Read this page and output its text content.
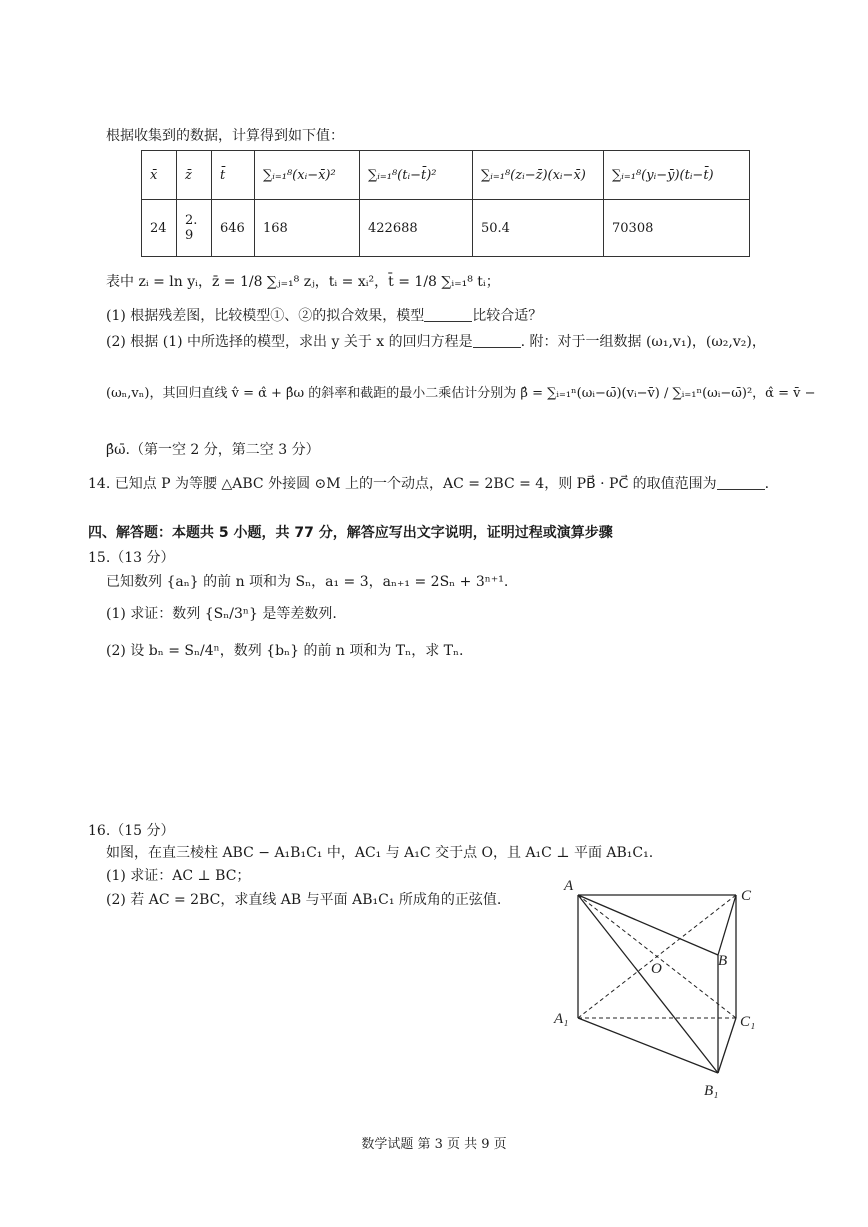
根据收集到的数据，计算得到如下值：
x̄	z̄	t̄	∑ᵢ₌₁⁸(xᵢ−x̄)²	∑ᵢ₌₁⁸(tᵢ−t̄)²	∑ᵢ₌₁⁸(zᵢ−z̄)(xᵢ−x̄)	∑ᵢ₌₁⁸(yᵢ−ȳ)(tᵢ−t̄)
24	2.9	646	168	422688	50.4	70308
表中 zᵢ = ln yᵢ，z̄ = 1/8 ∑ⱼ₌₁⁸ zⱼ，tᵢ = xᵢ²，t̄ = 1/8 ∑ᵢ₌₁⁸ tᵢ；
(1) 根据残差图，比较模型①、②的拟合效果，模型	比较合适？
(2) 根据 (1) 中所选择的模型，求出 y 关于 x 的回归方程是	. 附：对于一组数据 (ω₁,v₁)，(ω₂,v₂)，
(ωₙ,vₙ)，其回归直线 v̂ = α̂ + β̂ω 的斜率和截距的最小二乘估计分别为 β̂ = ∑ᵢ₌₁ⁿ(ωᵢ−ω̄)(vᵢ−v̄) / ∑ᵢ₌₁ⁿ(ωᵢ−ω̄)²，α̂ = v̄ −
β̂ω̄.（第一空 2 分，第二空 3 分）
14. 已知点 P 为等腰 △ABC 外接圆 ⊙M 上的一个动点，AC = 2BC = 4，则 PB⃗ · PC⃗ 的取值范围为	.
四、解答题：本题共 5 小题，共 77 分，解答应写出文字说明，证明过程或演算步骤
15.（13 分）
已知数列 {aₙ} 的前 n 项和为 Sₙ，a₁ = 3，aₙ₊₁ = 2Sₙ + 3ⁿ⁺¹.
(1) 求证：数列 {Sₙ/3ⁿ} 是等差数列.
(2) 设 bₙ = Sₙ/4ⁿ，数列 {bₙ} 的前 n 项和为 Tₙ，求 Tₙ.
16.（15 分）
如图，在直三棱柱 ABC − A₁B₁C₁ 中，AC₁ 与 A₁C 交于点 O，且 A₁C ⊥ 平面 AB₁C₁.
(1) 求证：AC ⊥ BC；
(2) 若 AC = 2BC，求直线 AB 与平面 AB₁C₁ 所成角的正弦值.
A
C
B
O
A₁	C₁
B₁
数学试题 第 3 页 共 9 页
